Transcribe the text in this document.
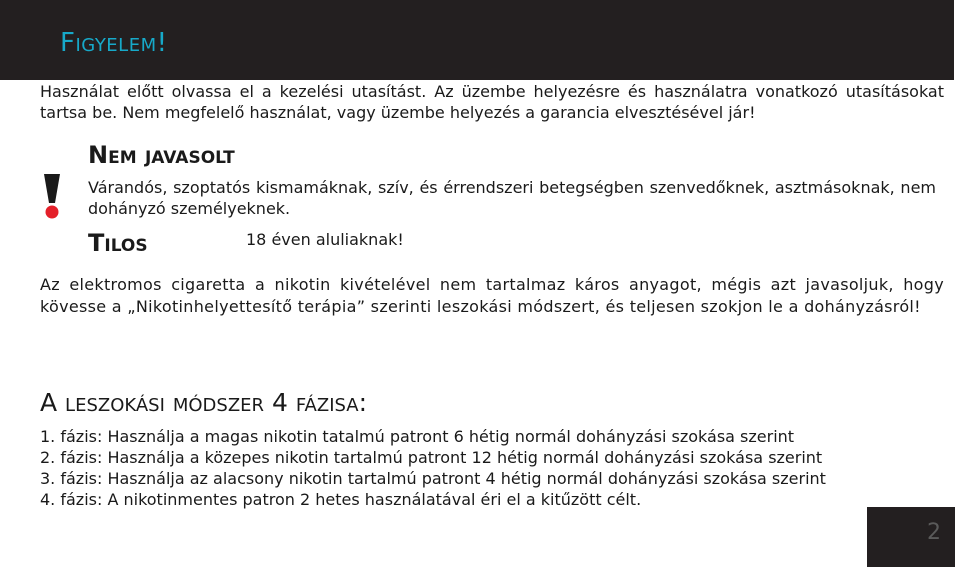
Figyelem!

Használat előtt olvassa el a kezelési utasítást. Az üzembe helyezésre és használatra vonatkozó utasításokat tartsa be. Nem megfelelő használat, vagy üzembe helyezés a garancia elvesztésével jár!

Nem javasolt

Várandós, szoptatós kismamáknak, szív, és érrendszeri betegségben szenvedőknek, asztmásoknak, nem dohányzó személyeknek.

Tilos	18 éven aluliaknak!

Az elektromos cigaretta a nikotin kivételével nem tartalmaz káros anyagot, mégis azt javasoljuk, hogy kövesse a „Nikotinhelyettesítő terápia” szerinti leszokási módszert, és teljesen szokjon le a dohányzásról!

A leszokási módszer 4 fázisa:
1. fázis: Használja a magas nikotin tatalmú patront 6 hétig normál dohányzási szokása szerint
2. fázis: Használja a közepes nikotin tartalmú patront 12 hétig normál dohányzási szokása szerint
3. fázis: Használja az alacsony nikotin tartalmú patront 4 hétig normál dohányzási szokása szerint
4. fázis: A nikotinmentes patron 2 hetes használatával éri el a kitűzött célt.
2
